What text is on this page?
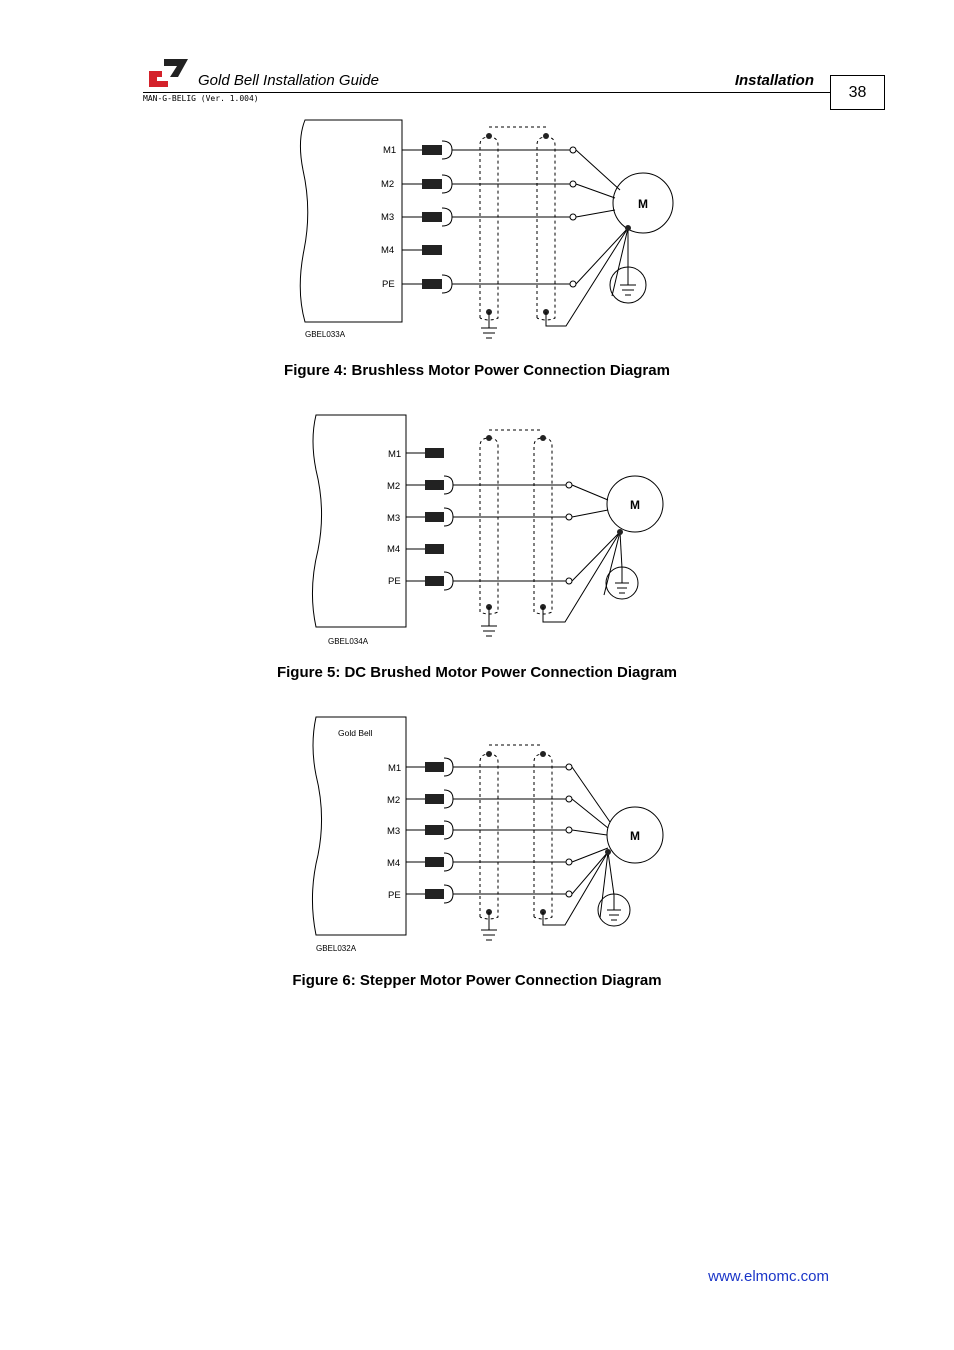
Gold Bell Installation Guide	Installation
MAN-G-BELIG (Ver. 1.004)	38
GBEL033A
M1
M2
M3
M4
PE
M
Figure 4: Brushless Motor Power Connection Diagram
GBEL034A
M1
M2
M3
M4
PE
M
Figure 5: DC Brushed Motor Power Connection Diagram
Gold Bell
GBEL032A
M1
M2
M3
M4
PE
M
Figure 6: Stepper Motor Power Connection Diagram
www.elmomc.com
